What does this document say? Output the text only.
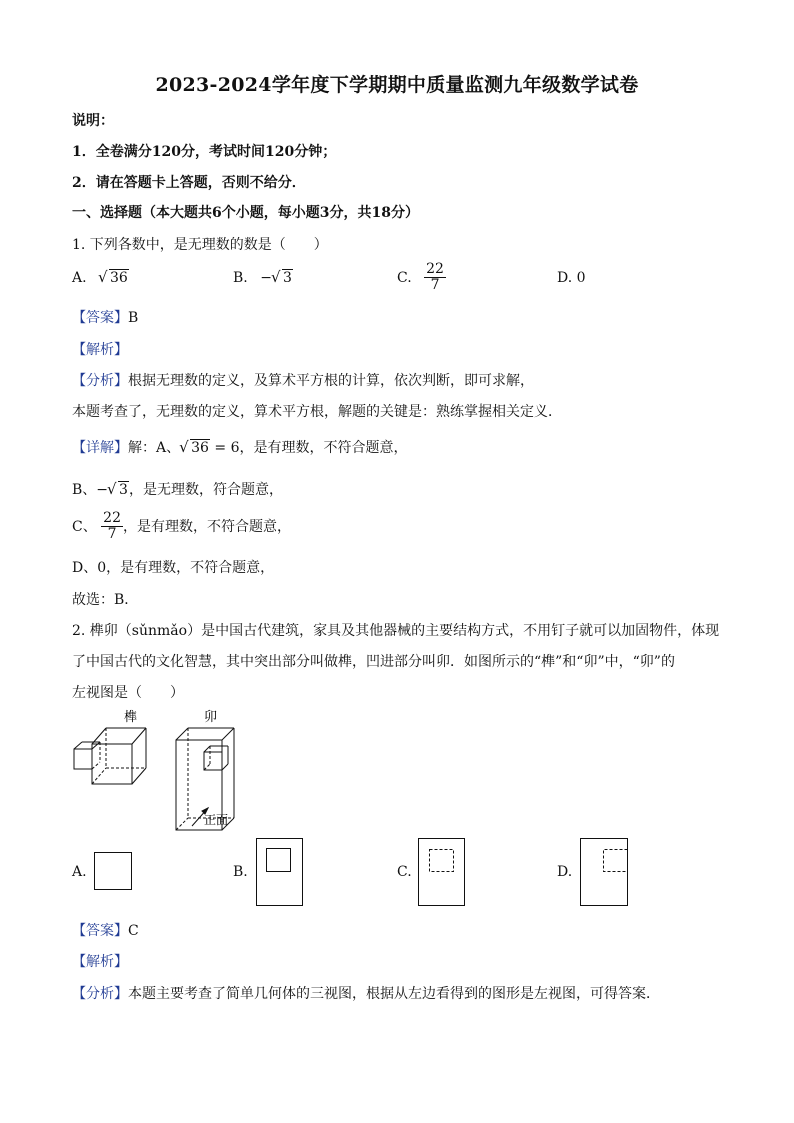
2023-2024学年度下学期期中质量监测九年级数学试卷
说明：
1．全卷满分120分，考试时间120分钟；
2．请在答题卡上答题，否则不给分．
一、选择题（本大题共6个小题，每小题3分，共18分）
1. 下列各数中，是无理数的数是（　　）
A. √ 36	B. − √ 3	C. $\frac{22}{7}$	D. 0
【答案】B
【解析】
【分析】根据无理数的定义，及算术平方根的计算，依次判断，即可求解，
本题考查了，无理数的定义，算术平方根，解题的关键是：熟练掌握相关定义．
【详解】解：A、 √ 36 = 6，是有理数，不符合题意，
B、− √ 3，是无理数，符合题意，
C、 $\frac{22}{7}$ ，是有理数，不符合题意，
D、0，是有理数，不符合题意，
故选：B．
2. 榫卯（sǔnmǎo）是中国古代建筑，家具及其他器械的主要结构方式，不用钉子就可以加固物件，体现
了中国古代的文化智慧，其中突出部分叫做榫，凹进部分叫卯．如图所示的“榫”和“卯”中，“卯”的
左视图是（　　）
榫	卯
正面
A.	B.	C.	D.
【答案】C
【解析】
【分析】本题主要考查了简单几何体的三视图，根据从左边看得到的图形是左视图，可得答案．
